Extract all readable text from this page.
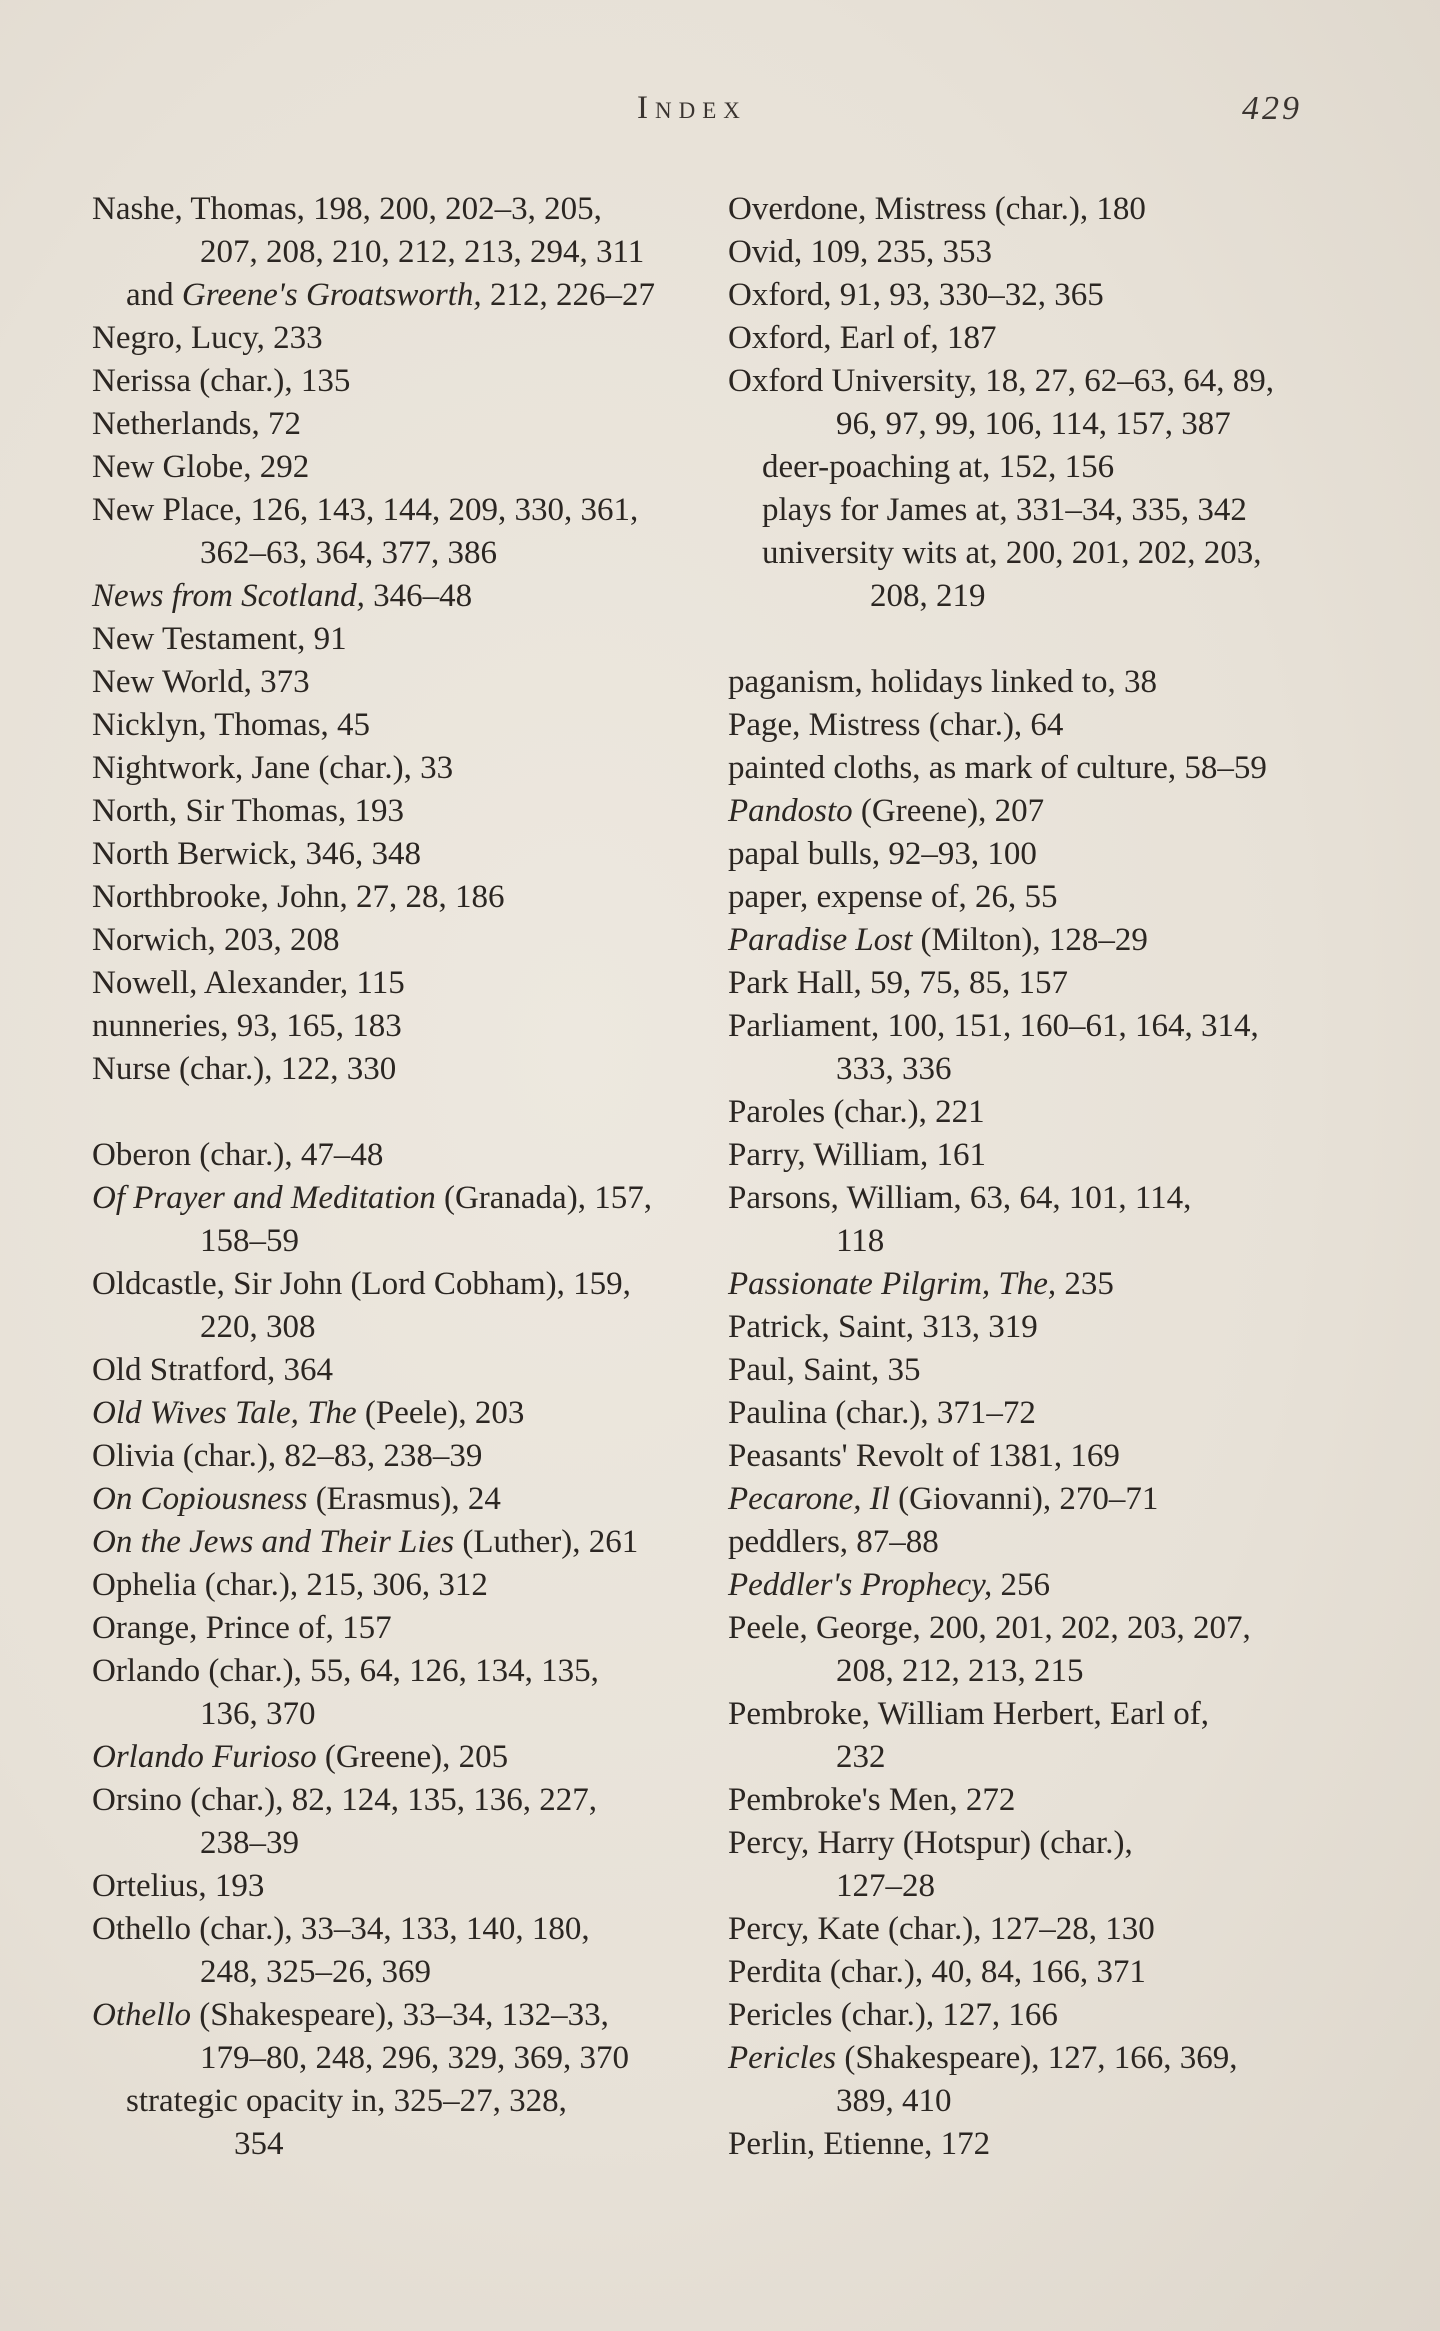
Index	429

Nashe, Thomas, 198, 200, 202–3, 205,
207, 208, 210, 212, 213, 294, 311

and Greene's Groatsworth, 212, 226–27

Negro, Lucy, 233

Nerissa (char.), 135

Netherlands, 72

New Globe, 292

New Place, 126, 143, 144, 209, 330, 361,
362–63, 364, 377, 386

News from Scotland, 346–48

New Testament, 91

New World, 373

Nicklyn, Thomas, 45

Nightwork, Jane (char.), 33

North, Sir Thomas, 193

North Berwick, 346, 348

Northbrooke, John, 27, 28, 186

Norwich, 203, 208

Nowell, Alexander, 115

nunneries, 93, 165, 183

Nurse (char.), 122, 330

Oberon (char.), 47–48

Of Prayer and Meditation (Granada), 157,
158–59

Oldcastle, Sir John (Lord Cobham), 159,
220, 308

Old Stratford, 364

Old Wives Tale, The (Peele), 203

Olivia (char.), 82–83, 238–39

On Copiousness (Erasmus), 24

On the Jews and Their Lies (Luther), 261

Ophelia (char.), 215, 306, 312

Orange, Prince of, 157

Orlando (char.), 55, 64, 126, 134, 135,
136, 370

Orlando Furioso (Greene), 205

Orsino (char.), 82, 124, 135, 136, 227,
238–39

Ortelius, 193

Othello (char.), 33–34, 133, 140, 180,
248, 325–26, 369

Othello (Shakespeare), 33–34, 132–33,
179–80, 248, 296, 329, 369, 370

strategic opacity in, 325–27, 328,
354

Overdone, Mistress (char.), 180

Ovid, 109, 235, 353

Oxford, 91, 93, 330–32, 365

Oxford, Earl of, 187

Oxford University, 18, 27, 62–63, 64, 89,
96, 97, 99, 106, 114, 157, 387

deer-poaching at, 152, 156

plays for James at, 331–34, 335, 342

university wits at, 200, 201, 202, 203,
208, 219

paganism, holidays linked to, 38

Page, Mistress (char.), 64

painted cloths, as mark of culture, 58–59

Pandosto (Greene), 207

papal bulls, 92–93, 100

paper, expense of, 26, 55

Paradise Lost (Milton), 128–29

Park Hall, 59, 75, 85, 157

Parliament, 100, 151, 160–61, 164, 314,
333, 336

Paroles (char.), 221

Parry, William, 161

Parsons, William, 63, 64, 101, 114,
118

Passionate Pilgrim, The, 235

Patrick, Saint, 313, 319

Paul, Saint, 35

Paulina (char.), 371–72

Peasants' Revolt of 1381, 169

Pecarone, Il (Giovanni), 270–71

peddlers, 87–88

Peddler's Prophecy, 256

Peele, George, 200, 201, 202, 203, 207,
208, 212, 213, 215

Pembroke, William Herbert, Earl of,
232

Pembroke's Men, 272

Percy, Harry (Hotspur) (char.),
127–28

Percy, Kate (char.), 127–28, 130

Perdita (char.), 40, 84, 166, 371

Pericles (char.), 127, 166

Pericles (Shakespeare), 127, 166, 369,
389, 410

Perlin, Etienne, 172
